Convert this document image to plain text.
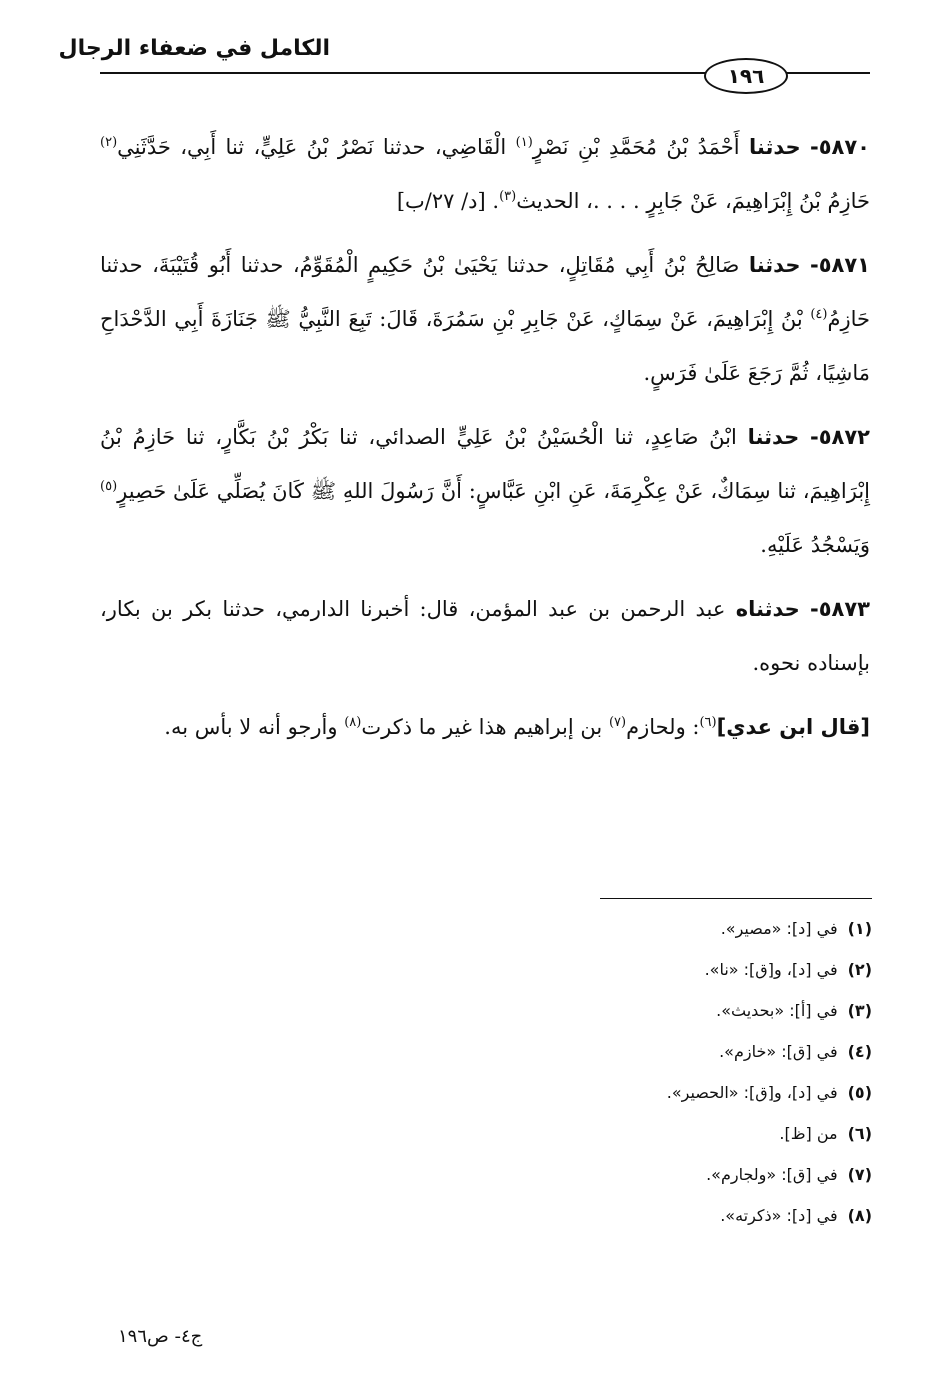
الكامل في ضعفاء الرجال
١٩٦

٥٨٧٠- حدثنا أَحْمَدُ بْنُ مُحَمَّدِ بْنِ نَصْرٍ$^{(١)}$ الْقَاضِي، حدثنا نَصْرُ بْنُ عَلِيٍّ، ثنا أَبِي، حَدَّثَنِي$^{(٢)}$ حَازِمُ بْنُ إِبْرَاهِيمَ، عَنْ جَابِرٍ . . . .، الحديث$^{(٣)}$. [د/ ٢٧/ب]

٥٨٧١- حدثنا صَالِحُ بْنُ أَبِي مُقَاتِلٍ، حدثنا يَحْيَىٰ بْنُ حَكِيمٍ الْمُقَوِّمُ، حدثنا أَبُو قُتَيْبَةَ، حدثنا حَازِمُ$^{(٤)}$ بْنُ إِبْرَاهِيمَ، عَنْ سِمَاكٍ، عَنْ جَابِرِ بْنِ سَمُرَةَ، قَالَ: تَبِعَ النَّبِيُّ ﷺ جَنَازَةَ أَبِي الدَّحْدَاحِ مَاشِيًا، ثُمَّ رَجَعَ عَلَىٰ فَرَسٍ.

٥٨٧٢- حدثنا ابْنُ صَاعِدٍ، ثنا الْحُسَيْنُ بْنُ عَلِيٍّ الصدائي، ثنا بَكْرُ بْنُ بَكَّارٍ، ثنا حَازِمُ بْنُ إِبْرَاهِيمَ، ثنا سِمَاكٌ، عَنْ عِكْرِمَةَ، عَنِ ابْنِ عَبَّاسٍ: أَنَّ رَسُولَ اللهِ ﷺ كَانَ يُصَلِّي عَلَىٰ حَصِيرٍ$^{(٥)}$ وَيَسْجُدُ عَلَيْهِ.

٥٨٧٣- حدثناه عبد الرحمن بن عبد المؤمن، قال: أخبرنا الدارمي، حدثنا بكر بن بكار، بإسناده نحوه.

[قال ابن عدي]$^{(٦)}$: ولحازم$^{(٧)}$ بن إبراهيم هذا غير ما ذكرت$^{(٨)}$ وأرجو أنه لا بأس به.

(١)في [د]: «مصير».
(٢)في [د]، و[ق]: «نا».
(٣)في [أ]: «بحديث».
(٤)في [ق]: «خازم».
(٥)في [د]، و[ق]: «الحصير».
(٦)من [ظ].
(٧)في [ق]: «ولجارم».
(٨)في [د]: «ذكرته».
ج٤- ص١٩٦
